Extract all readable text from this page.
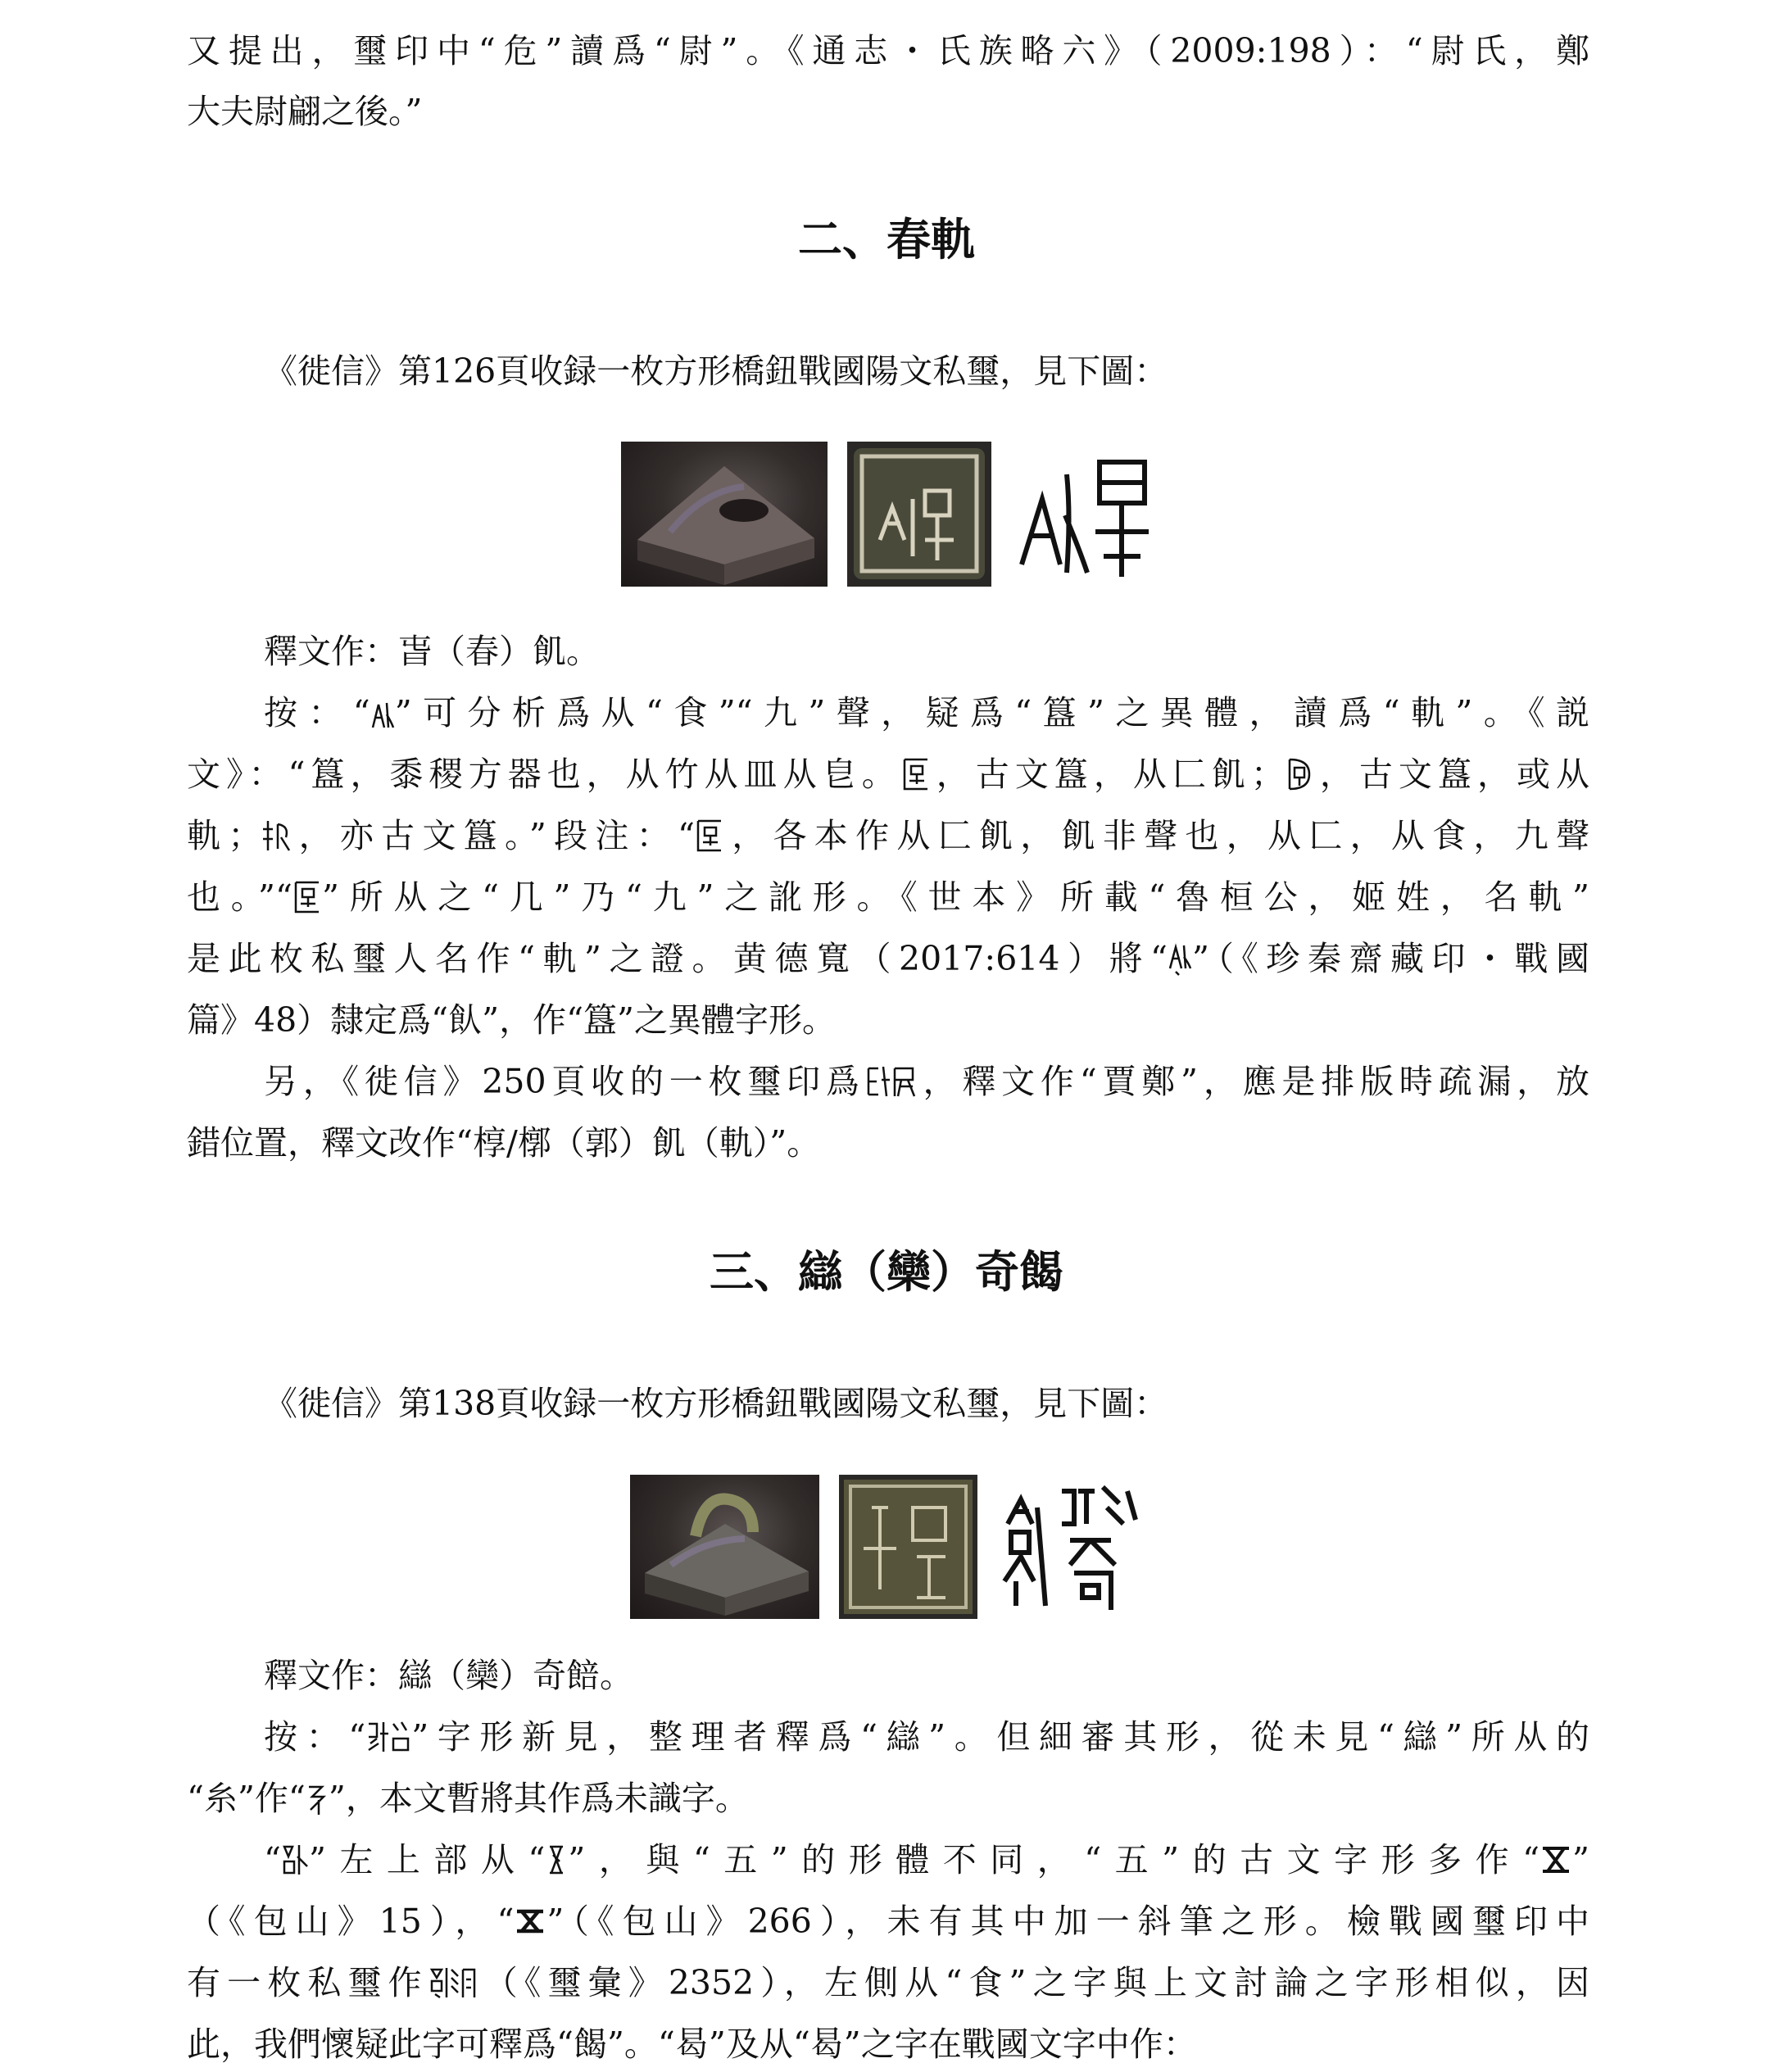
又提出，璽印中“危”讀爲“尉”。《通志・氏族略六》（2009:198）：“尉氏，鄭
大夫尉翩之後。”
二、春軌
《徙信》第126頁收録一枚方形橋鈕戰國陽文私璽，見下圖：
釋文作：旾（春）飢。
按：“ ”可分析爲从“食”“九”聲，疑爲“簋”之異體，讀爲“軌”。《説
文》：“簋，黍稷方器也，从竹从皿从皀。 ，古文簋，从匚飢； ，古文簋，或从
軌； ，亦古文簋。”段注：“ ，各本作从匚飢，飢非聲也，从匚，从食，九聲
也。”“ ”所从之“几”乃“九”之訛形。《世本》所載“魯桓公，姬姓，名軌”
是此枚私璽人名作“軌”之證。黄德寬（2017:614）將“ ”（《珍秦齋藏印・戰國
篇》48）隸定爲“飤”，作“簋”之異體字形。
另，《徙信》250頁收的一枚璽印爲 ，釋文作“賈鄭”，應是排版時疏漏，放
錯位置，釋文改作“椁/槨（郭）飢（軌）”。
三、䜌（欒）奇餲
《徙信》第138頁收録一枚方形橋鈕戰國陽文私璽，見下圖：
釋文作：䜌（欒）奇餢。
按：“ ”字形新見，整理者釋爲“䜌”。但細審其形，從未見“䜌”所从的
“糸”作“ ”，本文暫將其作爲未識字。
“ ”左上部从“ ”，與“五”的形體不同，“五”的古文字形多作“ ”
（《包山》15），“ ”（《包山》266），未有其中加一斜筆之形。檢戰國璽印中
有一枚私璽作 （《璽彙》2352），左側从“食”之字與上文討論之字形相似，因
此，我們懷疑此字可釋爲“餲”。“曷”及从“曷”之字在戰國文字中作：
